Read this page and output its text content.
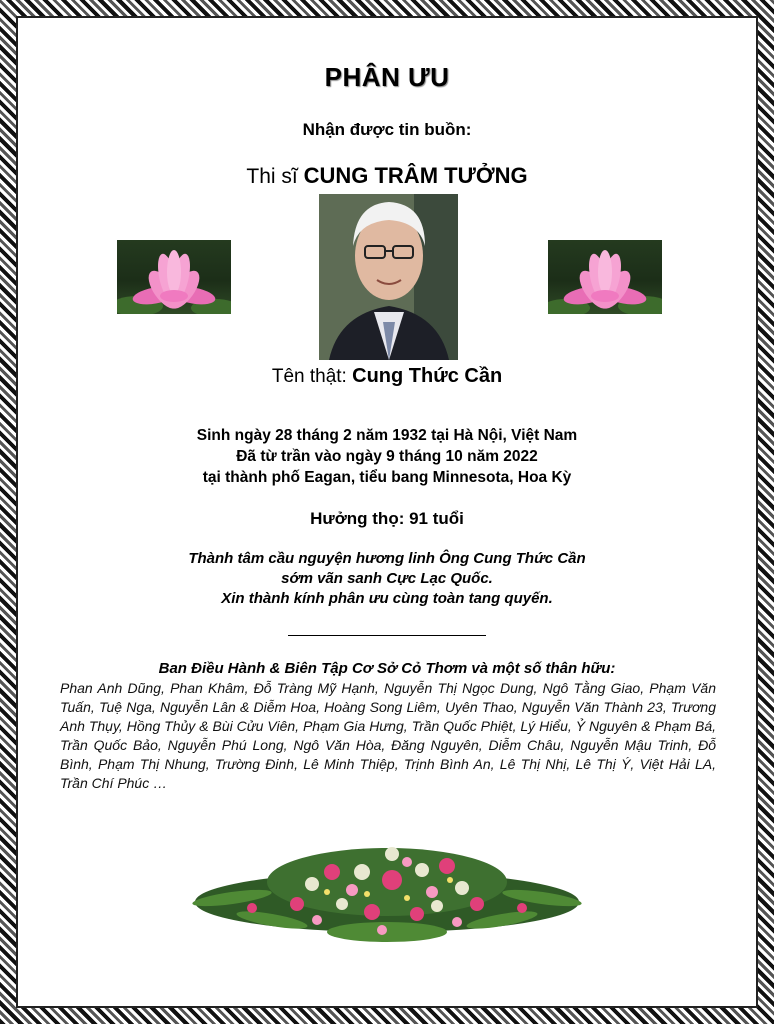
PHÂN ƯU
Nhận được tin buồn:
Thi sĩ CUNG TRÂM TƯỞNG
Tên thật: Cung Thức Cần
Sinh ngày 28 tháng 2 năm 1932 tại Hà Nội, Việt Nam
Đã từ trần vào ngày 9 tháng 10 năm 2022
tại thành phố Eagan, tiểu bang Minnesota, Hoa Kỳ
Hưởng thọ: 91 tuổi
Thành tâm cầu nguyện hương linh Ông Cung Thức Cần
sớm vãn sanh Cực Lạc Quốc.
Xin thành kính phân ưu cùng toàn tang quyến.
Ban Điều Hành & Biên Tập Cơ Sở Cỏ Thơm và một số thân hữu:
Phan Anh Dũng, Phan Khâm, Đỗ Tràng Mỹ Hạnh, Nguyễn Thị Ngọc Dung, Ngô Tằng Giao, Phạm Văn Tuấn, Tuệ Nga, Nguyễn Lân & Diễm Hoa, Hoàng Song Liêm, Uyên Thao, Nguyễn Văn Thành 23, Trương Anh Thụy, Hồng Thủy & Bùi Cửu Viên, Phạm Gia Hưng, Trần Quốc Phiệt, Lý Hiểu, Ỷ Nguyên & Phạm Bá, Trần Quốc Bảo, Nguyễn Phú Long, Ngô Văn Hòa, Đăng Nguyên, Diễm Châu, Nguyễn Mậu Trinh, Đỗ Bình, Phạm Thị Nhung, Trường Đinh, Lê Minh Thiệp, Trịnh Bình An, Lê Thị Nhị, Lê Thị Ý, Việt Hải LA, Trần Chí Phúc …
